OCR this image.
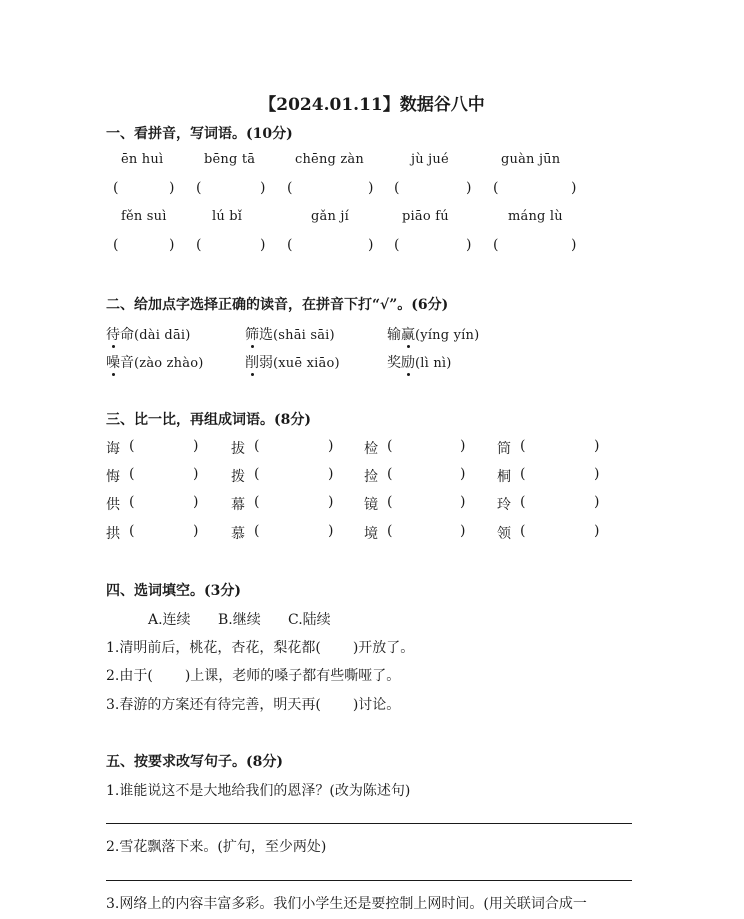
【2024.01.11】数据谷八中
一、看拼音，写词语。(10分)
ēn huì	bēng tā	chēng zàn	jù jué	guàn jūn
(	) (	) (	) (	) (	)
fěn suì	lú bǐ	gǎn jí	piāo fú	máng lù
(	) (	) (	) (	) (	)
二、给加点字选择正确的读音，在拼音下打“√”。(6分)
待命(dài dāi)	筛选(shāi sāi)	输赢(yíng yín)
噪音(zào zhào)	削弱(xuē xiāo)	奖励(lì nì)
三、比一比，再组成词语。(8分)
诲 (	) 拔 (	) 检 (	) 筒 (	)
悔 (	) 拨 (	) 捡 (	) 桐 (	)
供 (	) 幕 (	) 镜 (	) 玲 (	)
拱 (	) 慕 (	) 境 (	) 领 (	)
四、选词填空。(3分)
A.连续 B.继续 C.陆续
1.清明前后，桃花，杏花，梨花都( )开放了。
2.由于( )上课，老师的嗓子都有些嘶哑了。
3.春游的方案还有待完善，明天再( )讨论。
五、按要求改写句子。(8分)
1.谁能说这不是大地给我们的恩泽？(改为陈述句)
2.雪花飘落下来。(扩句，至少两处)
3.网络上的内容丰富多彩。我们小学生还是要控制上网时间。(用关联词合成一
